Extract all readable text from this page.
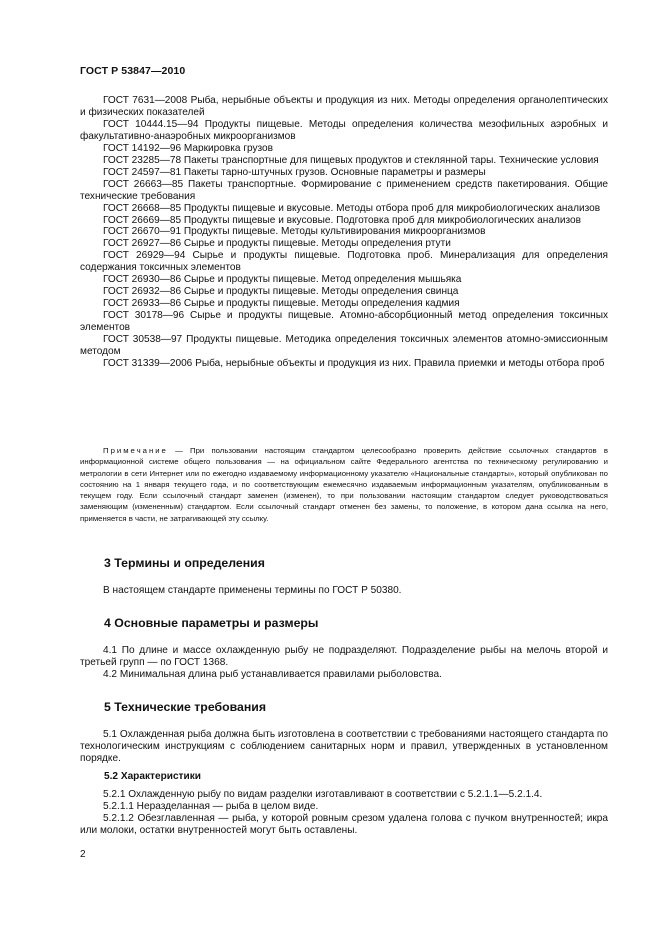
ГОСТ Р 53847—2010

ГОСТ 7631—2008 Рыба, нерыбные объекты и продукция из них. Методы определения органолептических и физических показателей

ГОСТ 10444.15—94 Продукты пищевые. Методы определения количества мезофильных аэробных и факультативно-анаэробных микроорганизмов

ГОСТ 14192—96 Маркировка грузов

ГОСТ 23285—78 Пакеты транспортные для пищевых продуктов и стеклянной тары. Технические условия

ГОСТ 24597—81 Пакеты тарно-штучных грузов. Основные параметры и размеры

ГОСТ 26663—85 Пакеты транспортные. Формирование с применением средств пакетирования. Общие технические требования

ГОСТ 26668—85 Продукты пищевые и вкусовые. Методы отбора проб для микробиологических анализов

ГОСТ 26669—85 Продукты пищевые и вкусовые. Подготовка проб для микробиологических анализов

ГОСТ 26670—91 Продукты пищевые. Методы культивирования микроорганизмов

ГОСТ 26927—86 Сырье и продукты пищевые. Методы определения ртути

ГОСТ 26929—94 Сырье и продукты пищевые. Подготовка проб. Минерализация для определения содержания токсичных элементов

ГОСТ 26930—86 Сырье и продукты пищевые. Метод определения мышьяка

ГОСТ 26932—86 Сырье и продукты пищевые. Методы определения свинца

ГОСТ 26933—86 Сырье и продукты пищевые. Методы определения кадмия

ГОСТ 30178—96 Сырье и продукты пищевые. Атомно-абсорбционный метод определения токсичных элементов

ГОСТ 30538—97 Продукты пищевые. Методика определения токсичных элементов атомно-эмиссионным методом

ГОСТ 31339—2006 Рыба, нерыбные объекты и продукция из них. Правила приемки и методы отбора проб

Примечание — При пользовании настоящим стандартом целесообразно проверить действие ссылочных стандартов в информационной системе общего пользования — на официальном сайте Федерального агентства по техническому регулированию и метрологии в сети Интернет или по ежегодно издаваемому информационному указателю «Национальные стандарты», который опубликован по состоянию на 1 января текущего года, и по соответствующим ежемесячно издаваемым информационным указателям, опубликованным в текущем году. Если ссылочный стандарт заменен (изменен), то при пользовании настоящим стандартом следует руководствоваться заменяющим (измененным) стандартом. Если ссылочный стандарт отменен без замены, то положение, в котором дана ссылка на него, применяется в части, не затрагивающей эту ссылку.

3 Термины и определения

В настоящем стандарте применены термины по ГОСТ Р 50380.

4 Основные параметры и размеры

4.1 По длине и массе охлажденную рыбу не подразделяют. Подразделение рыбы на мелочь второй и третьей групп — по ГОСТ 1368.

4.2 Минимальная длина рыб устанавливается правилами рыболовства.

5 Технические требования

5.1 Охлажденная рыба должна быть изготовлена в соответствии с требованиями настоящего стандарта по технологическим инструкциям с соблюдением санитарных норм и правил, утвержденных в установленном порядке.

5.2 Характеристики

5.2.1 Охлажденную рыбу по видам разделки изготавливают в соответствии с 5.2.1.1—5.2.1.4.

5.2.1.1 Неразделанная — рыба в целом виде.

5.2.1.2 Обезглавленная — рыба, у которой ровным срезом удалена голова с пучком внутренностей; икра или молоки, остатки внутренностей могут быть оставлены.

2
